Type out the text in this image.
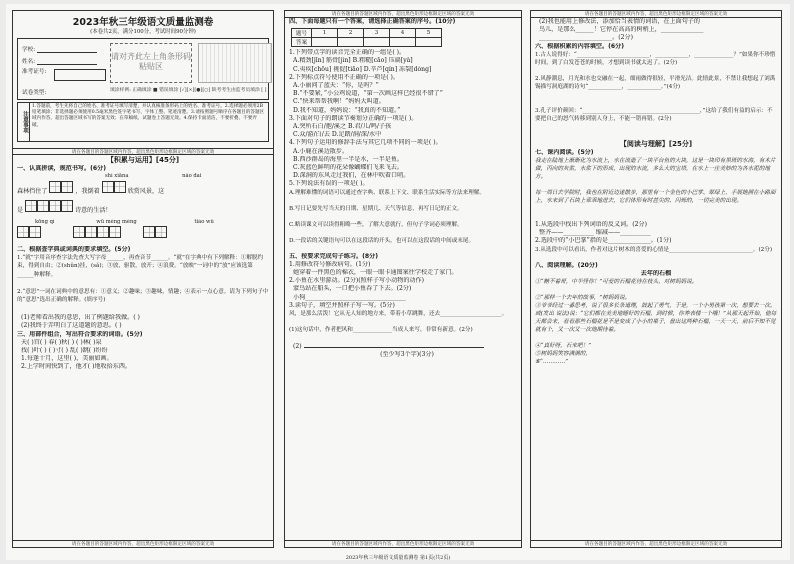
2023年秋三年级语文质量监测卷
(本卷共2页，满分100分，考试时间90分钟)
学校:
姓名:
准考证号:
请对齐此左上角条形码粘贴区
试卷类型:	填涂样例: 正确填涂 ■ 错误填涂 [✓][×][●][○] 缺考考生由监考员填涂 [ ]
注意事项
1.答题前，考生先将自己的姓名、准考证号填写清楚，并认真核准条形码上的姓名、准考证号。2.选择题必须用2B铅笔填涂；非选择题必须使用0.5毫米黑色签字笔书写，字体工整、笔迹清楚。3.请按照题号顺序在各题目的答题区域内作答，超出答题区域书写的答案无效；在草稿纸、试题卷上答题无效。4.保持卡面清洁，不要折叠、不要弄破。
请在各题目的答题区域内作答，超出黑色矩形边框限定区域的答案无效
【积累与运用】[45分]
一、认真拼读，规范书写。(6分)
shì xiāna	nǎo dai
森林挡住了	，我倒着	欣赏风景，这
是	诗意的生活！
kōng qì	wū méng méng	tiào wǔ

二、根据查字典或词典的要求填空。(5分)
1.“就”字用音序查字法先查大写字母______，再查音节______。“就”在字典中有下列解释：①解脱约束，得到自由；②(shǔn)挂，(sǎ)；③放，驱散，放开；④浪费。“放映”一词中的“放”应该选第______种解释。
2.“意思”一词在词典中的意思有：①意义；②趣味；③趣味，情趣；④表示一点心意。请为下列句子中的“意思”选出正确的解释。(填序号)
(1)老师看出我的意思，出了例题给我做。( )
(2)我终于弄明白了这道题的意思。( )
三、用部件组合，写出符合要求的词语。(5分)
天( )宫( ) 春( )秋( ) ( )林( )泉
找( )叶( ) ( )寸( ) 乱( )跳( )纷纷
1.每逢十月，这里( )，美丽如画。
2.上学时间快到了，他才( )地收拾东西。
请在各题目的答题区域内作答，超出黑色矩形边框限定区域的答案无效
请在各题目的答题区域内作答，超出黑色矩形边框限定区域的答案无效
四、下面每题只有一个答案，请选择正确答案的序号。(10分)
题号	1	2	3	4	5
答案					
1.下列带点字的读音完全正确的一组是( )。
A.精劲[jīn] 筋骨[jìn] B.粗糙[cāo] 压扁[yà]
C.夷疾[chōu] 挑促[tiāo] D.辛芦[qín] 冻裂[dòng]
2.下列标点符号使用不正确的一项是( )。
A.小丽问了蓝天：“你，是吗？”
B.“不要紧，”小公鸡说道，“第一次画这样已经很不错了”
C.“快来帮帮我啊！”妈妈大叫道。
D.我不知道，妈妈说：“我真的不知道。”
3.下面对句子的朗读节奏划分正确的一项是( )。
A.突所石白/抱/溪之 B.君/儿/鸣/子孩
C.众/游/白/去 D.足踏/洞/深/水中
4.下列句子运用的修辞手法与其它几项不同的一项是( )。
A.小鹿在溪边散步。
B.西沙群岛的海里一半是水，一半是鱼。
C.灰蓝色鲜明的花朵像蝴蝶们飞来飞去。
D.深洞的东风走过我们，在林中吹着口哨。
5.下列说法有误的一项是( )。
A.理解难懂的词语可以通过查字典、联系上下文、联系生活实际等方法来理解。
B.写日记要先写当天的日期、星期几、天气等信息，再写日记的正文。
C.略读课文可以读得粗略一些，了解大意就行，但句子学词必须理解。
D.一段话的关键语句可以在这段话的开头，也可以在这段话的中间或末尾。
五、按要求完成句子练习。(8分)
1.用修改符号修改病句。(1分)
她穿着一件黑色的棉衣，一眼一眼卡通图案往学校走了家门。
2.小鱼在水里游动。(2分)(照样子写小动物的动作)
蒙鸟站在船头，一口把小鱼吞了下去。(2分)
小狗_________________________________
3.读句子，填空并照样子写一写。(5分)
风，是那么活泼！它从无人知的地方来，带着小草跳舞，还去______________________。
(1)这句话中，作者把风和______________当成人来写，非常有新意。(2分)
(2)
(至少写3个字)(3分)
请在各题目的答题区域内作答，超出黑色矩形边框限定区域的答案无效
请在各题目的答题区域内作答，超出黑色矩形边框限定区域的答案无效
(2)我也能用上修改法，添加恰当表情的词语，在上面句子的
鸟儿，是那么______！它停在高高的树梢上，______________
________________________。(2分)
六、根据积累的内容填空。(6分)
1.古人说得好：“__________________________，____________，______________？”如果你不珍惜时间，到了白发苍苍的时候，才想到读书就太迟了。(2分)
2.风静潮息，月光和水也交融在一起，细雨做得很轻，平滑光洁。此情此景，不禁让我想起了刘禹锡描写洞庭湖的诗句“____________，____________。”(4分)
3.孔子评价颜回：“__________________________________________，”这给了我们有益的启示：不要把自己的怒气转移到别人身上，不能一错再错。(2分)
【阅读与理解】[25分]
七、课内阅读。(5分)
我走在陆地上渐渐化为水流上，水在流逝了一块平台鱼的大块，这是一块印有黑斑的水海，有木片做，丙向的灰浆，水浆下的形成，出现的水流，多么大的宝塔，在水上一庄美妙的为各水泥的地方。
每一周日去学院时，我也在附近边迷散步，那里有一个金色的小巴掌、翠绿上，手展她照在小路面上，水来到了石块上乖乖地进去，它们体形有时甚尖的、闪烁的，一切完美的出现。
1.从选段中找出下列词语的反义词。(2分)
整齐——__________ 缩减——__________
2.选段中的“小巴掌”指的是______________。(1分)
3.从选段中可以看出，作者对这片树木的喜爱的心情是______________________________。(2分)
八、阅读理解。(20分)
去年的石榴
①“糖不着哥，中半怪你！”可爱的石榴花待在枝头，对树妈妈说。
②“那样一个去年的故事，”树妈妈说。
③爷爷经过一番思考，说了很多长条道理，鼓起了勇气，于是，一个小男孩第一次，想要去一次。或(发出 说法)说：“它们都在美美地睡好的石榴，到时候，你养表楼一个哦！”从那天起开始，他每天都会来，看看那些石榴花是不是变成了小小的果子，盘出这两种石榴，一天一天，前后不知不觉就有个，又一次又一次地期待着。
④“真好呀，石来吧！”
⑤树妈妈笑容满满的，
⑥“…………”
请在各题目的答题区域内作答，超出黑色矩形边框限定区域的答案无效
2023年秋三年级语文质量监测卷 第1页(共2页)
